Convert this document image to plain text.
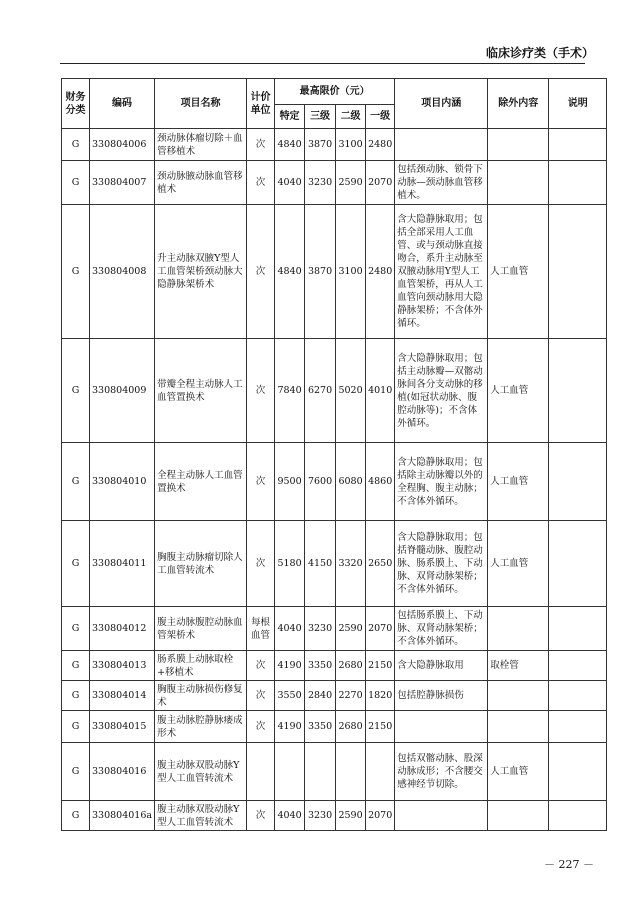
临床诊疗类（手术）
财务分类	编码	项目名称	计价单位	最高限价（元）				项目内涵	除外内容	说明
				特定	三级	二级	一级			
G	330804006	颈动脉体瘤切除＋血管移植术	次	4840	3870	3100	2480			
G	330804007	颈动脉腋动脉血管移植术	次	4040	3230	2590	2070	包括颈动脉、锁骨下动脉—颈动脉血管移植术。		
G	330804008	升主动脉双腋Y型人工血管架桥颈动脉大隐静脉架桥术	次	4840	3870	3100	2480	含大隐静脉取用；包括全部采用人工血管、或与颈动脉直接吻合，系升主动脉至双腋动脉用Y型人工血管架桥，再从人工血管向颈动脉用大隐静脉架桥；不含体外循环。	人工血管	
G	330804009	带瓣全程主动脉人工血管置换术	次	7840	6270	5020	4010	含大隐静脉取用；包括主动脉瓣—双髂动脉间各分支动脉的移植(如冠状动脉、腹腔动脉等)；不含体外循环。	人工血管	
G	330804010	全程主动脉人工血管置换术	次	9500	7600	6080	4860	含大隐静脉取用；包括除主动脉瓣以外的全程胸、腹主动脉；不含体外循环。	人工血管	
G	330804011	胸腹主动脉瘤切除人工血管转流术	次	5180	4150	3320	2650	含大隐静脉取用；包括脊髓动脉、腹腔动脉、肠系膜上、下动脉、双肾动脉架桥；不含体外循环。	人工血管	
G	330804012	腹主动脉腹腔动脉血管架桥术	每根血管	4040	3230	2590	2070	包括肠系膜上、下动脉、双肾动脉架桥；不含体外循环。		
G	330804013	肠系膜上动脉取栓+移植术	次	4190	3350	2680	2150	含大隐静脉取用	取栓管	
G	330804014	胸腹主动脉损伤修复术	次	3550	2840	2270	1820	包括腔静脉损伤		
G	330804015	腹主动脉腔静脉瘘成形术	次	4190	3350	2680	2150			
G	330804016	腹主动脉双股动脉Y型人工血管转流术						包括双髂动脉、股深动脉成形；不含腰交感神经节切除。	人工血管	
G	330804016a	腹主动脉双股动脉Y型人工血管转流术	次	4040	3230	2590	2070			
－ 227 －
